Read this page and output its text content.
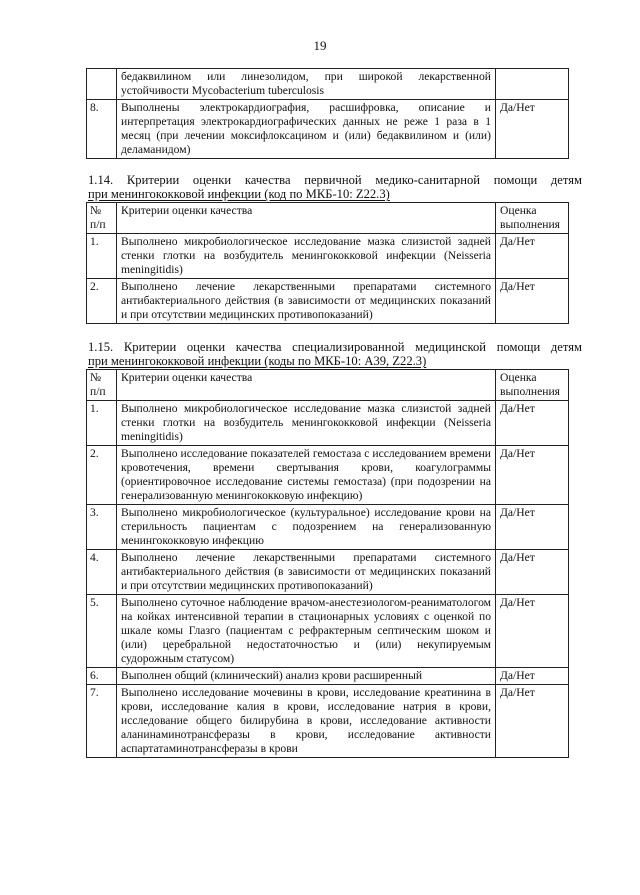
19
	бедаквилином или линезолидом, при широкой лекарственной устойчивости Mycobacterium tuberculosis	
8.	Выполнены электрокардиография, расшифровка, описание и интерпретация электрокардиографических данных не реже 1 раза в 1 месяц (при лечении моксифлоксацином и (или) бедаквилином и (или) деламанидом)	Да/Нет
1.14. Критерии оценки качества первичной медико-санитарной помощи детям
при менингококковой инфекции (код по МКБ-10: Z22.3)
№ п/п	Критерии оценки качества	Оценка выполнения
1.	Выполнено микробиологическое исследование мазка слизистой задней стенки глотки на возбудитель менингококковой инфекции (Neisseria meningitidis)	Да/Нет
2.	Выполнено лечение лекарственными препаратами системного антибактериального действия (в зависимости от медицинских показаний и при отсутствии медицинских противопоказаний)	Да/Нет
1.15. Критерии оценки качества специализированной медицинской помощи детям
при менингококковой инфекции (коды по МКБ-10: A39, Z22.3)
№ п/п	Критерии оценки качества	Оценка выполнения
1.	Выполнено микробиологическое исследование мазка слизистой задней стенки глотки на возбудитель менингококковой инфекции (Neisseria meningitidis)	Да/Нет
2.	Выполнено исследование показателей гемостаза с исследованием времени кровотечения, времени свертывания крови, коагулограммы (ориентировочное исследование системы гемостаза) (при подозрении на генерализованную менингококковую инфекцию)	Да/Нет
3.	Выполнено микробиологическое (культуральное) исследование крови на стерильность пациентам с подозрением на генерализованную менингококковую инфекцию	Да/Нет
4.	Выполнено лечение лекарственными препаратами системного антибактериального действия (в зависимости от медицинских показаний и при отсутствии медицинских противопоказаний)	Да/Нет
5.	Выполнено суточное наблюдение врачом-анестезиологом-реаниматологом на койках интенсивной терапии в стационарных условиях с оценкой по шкале комы Глазго (пациентам с рефрактерным септическим шоком и (или) церебральной недостаточностью и (или) некупируемым судорожным статусом)	Да/Нет
6.	Выполнен общий (клинический) анализ крови расширенный	Да/Нет
7.	Выполнено исследование мочевины в крови, исследование креатинина в крови, исследование калия в крови, исследование натрия в крови, исследование общего билирубина в крови, исследование активности аланинаминотрансферазы в крови, исследование активности аспартатаминотрансферазы в крови	Да/Нет
